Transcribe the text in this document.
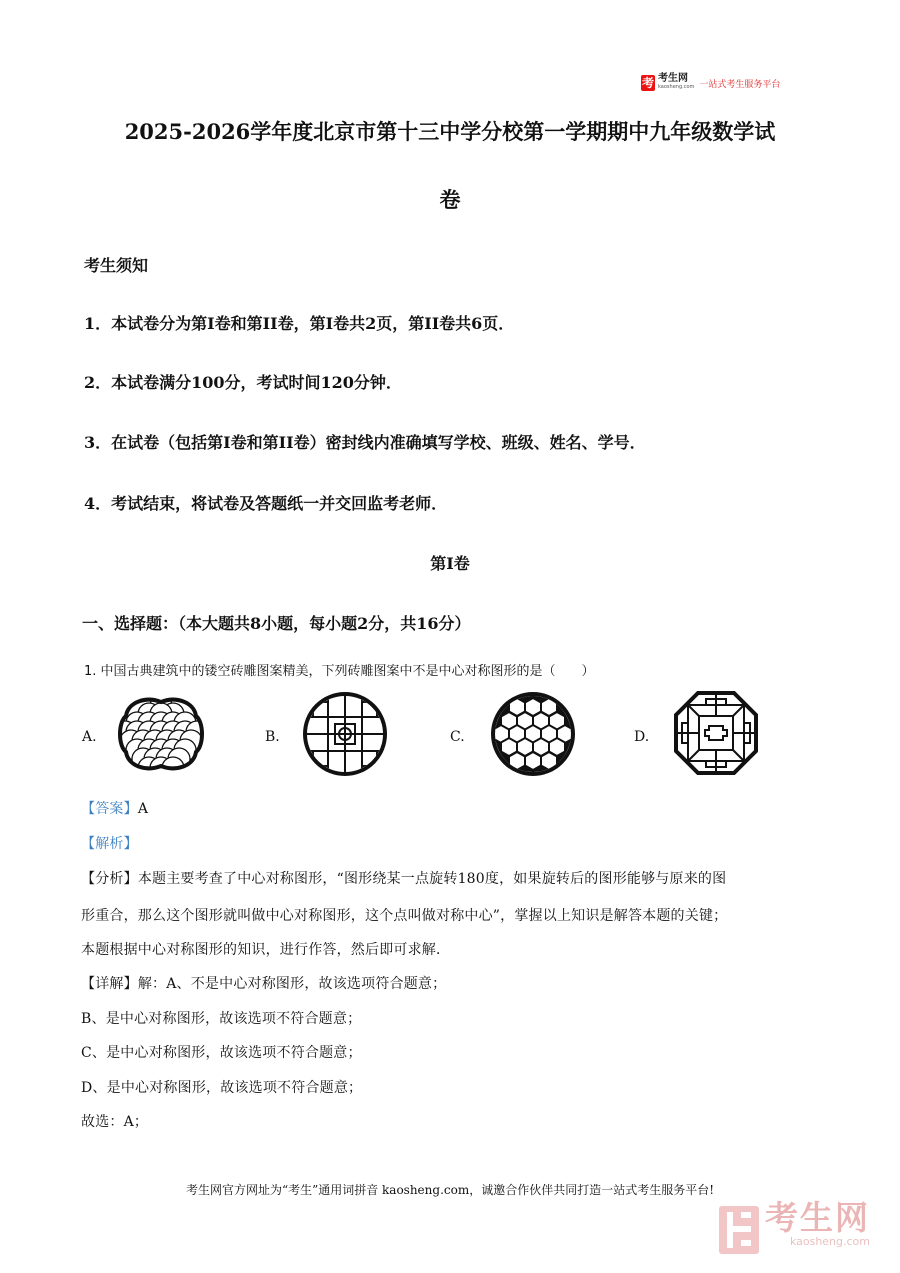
考 考生网
kaosheng.com 一站式考生服务平台
2025-2026学年度北京市第十三中学分校第一学期期中九年级数学试
卷
考生须知
1．本试卷分为第I卷和第II卷，第I卷共2页，第II卷共6页．
2．本试卷满分100分，考试时间120分钟．
3．在试卷（包括第I卷和第II卷）密封线内准确填写学校、班级、姓名、学号．
4．考试结束，将试卷及答题纸一并交回监考老师．
第I卷
一、选择题：（本大题共8小题，每小题2分，共16分）
1. 中国古典建筑中的镂空砖雕图案精美，下列砖雕图案中不是中心对称图形的是（　　）
A.	B.	C.	D.
【答案】A
【解析】
【分析】本题主要考查了中心对称图形，“图形绕某一点旋转180度，如果旋转后的图形能够与原来的图
形重合，那么这个图形就叫做中心对称图形，这个点叫做对称中心”，掌握以上知识是解答本题的关键；
本题根据中心对称图形的知识，进行作答，然后即可求解．
【详解】解：A、不是中心对称图形，故该选项符合题意；
B、是中心对称图形，故该选项不符合题意；
C、是中心对称图形，故该选项不符合题意；
D、是中心对称图形，故该选项不符合题意；
故选：A；
考生网官方网址为“考生”通用词拼音 kaosheng.com，诚邀合作伙伴共同打造一站式考生服务平台!
考生网
kaosheng.com
